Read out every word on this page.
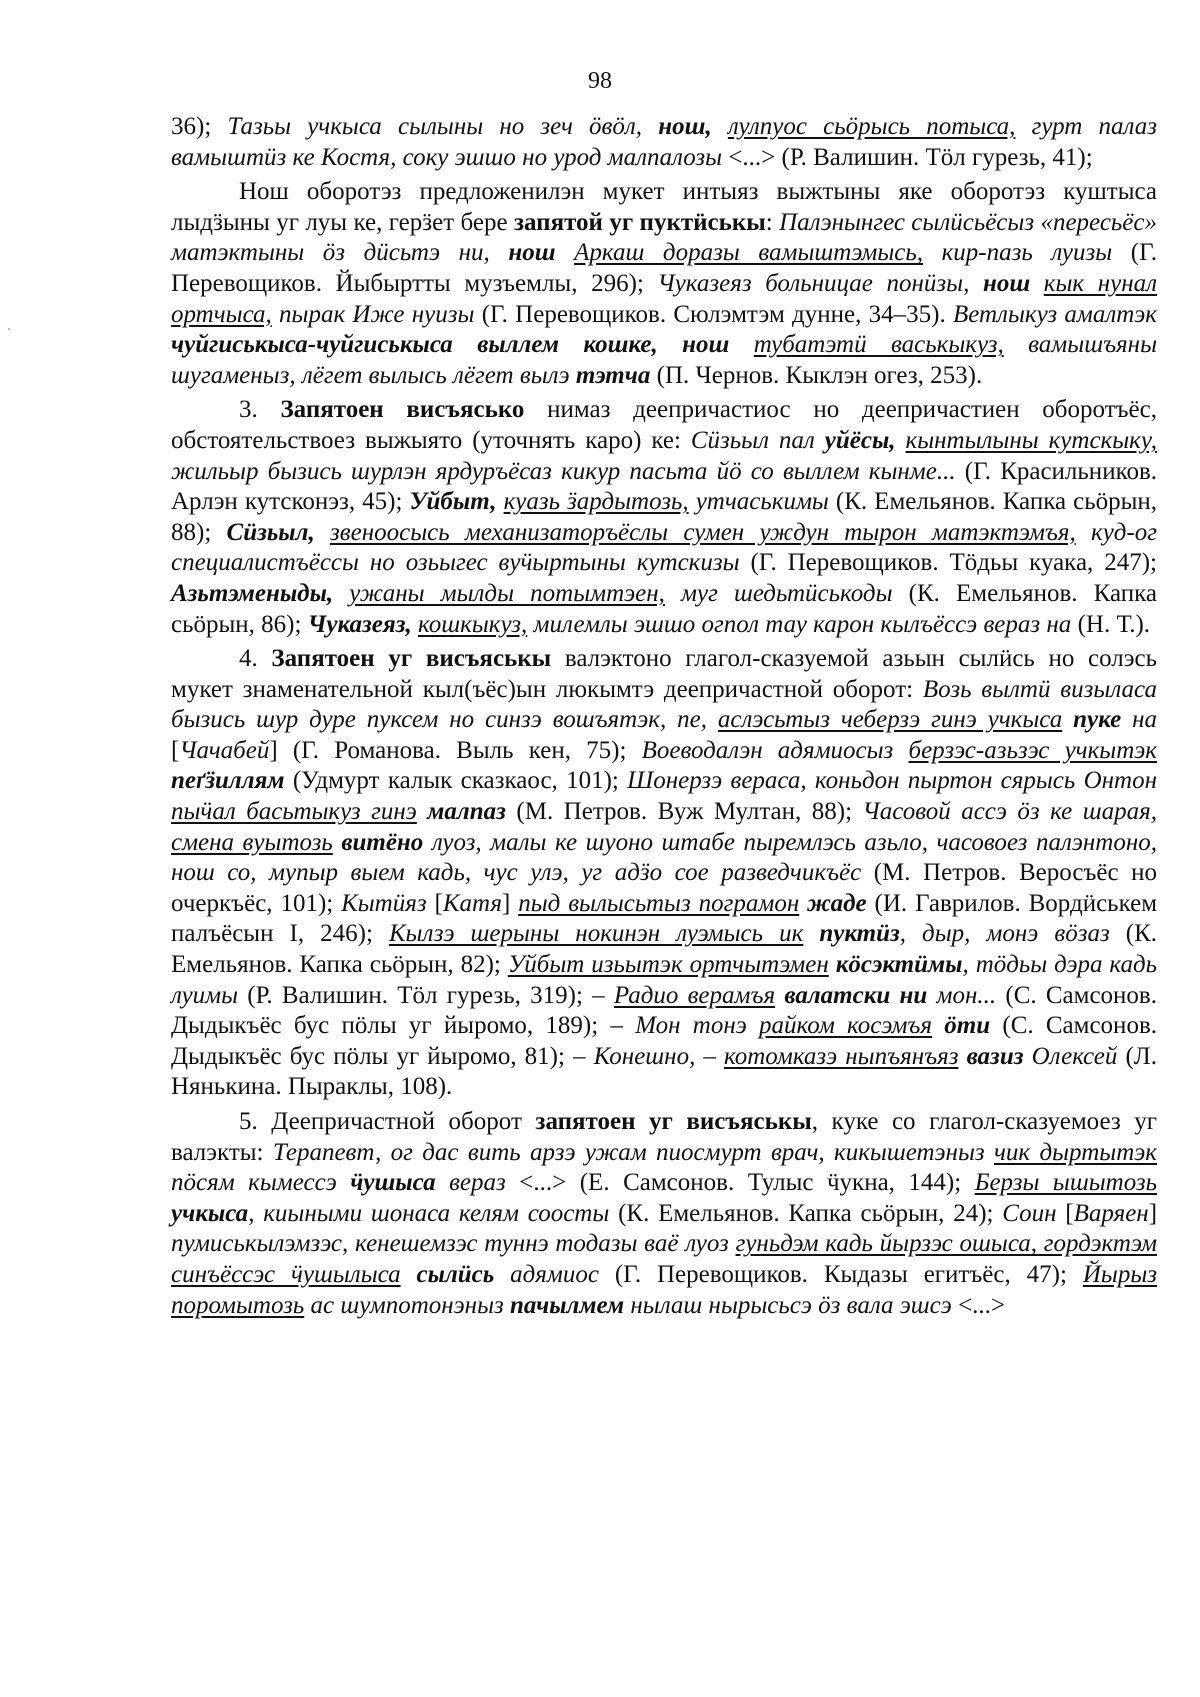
98

36); Тазьы учкыса сылыны но зеч ӧвӧл, нош, лулпуос сьӧрысь потыса, гурт палаз вамыштӥз ке Костя, соку эшшо но урод малпалозы <...> (Р. Валишин. Тӧл гурезь, 41);

Нош оборотэз предложенилэн мукет интыяз выжтыны яке оборотэз куштыса лыдӟыны уг луы ке, герӟет бере запятой уг пуктӥськы: Палэнынгес сылӥсьёсыз «пересьёс» матэктыны ӧз дӥсьтэ ни, нош Аркаш доразы вамыштэмысь, кир-пазь луизы (Г. Перевощиков. Йыбыртты музъемлы, 296); Чуказеяз больницае понӥзы, нош кык нунал ортчыса, пырак Иже нуизы (Г. Перевощиков. Сюлэмтэм дунне, 34–35). Ветлыкуз амалтэк чуйгиськыса-чуйгиськыса выллем кошке, нош тубатэтӥ васькыкуз, вамышъяны шугаменыз, лёгет вылысь лёгет вылэ тэтча (П. Чернов. Кыклэн огез, 253).

3. Запятоен висъясько нимаз деепричастиос но деепричастиен оборотъёс, обстоятельствоез выжыято (уточнять каро) ке: Сӥзьыл пал уйёсы, кынтылыны кутскыку, жильыр бызись шурлэн ярдуръёсаз кикур пасьта йӧ со выллем кынме... (Г. Красильников. Арлэн кутсконэз, 45); Уйбыт, куазь ӟардытозь, утчаськимы (К. Емельянов. Капка сьӧрын, 88); Сӥзьыл, звеноосысь механизаторъёслы сумен уждун тырон матэктэмъя, куд-ог специалистъёссы но озьыгес вуӵыртыны кутскизы (Г. Перевощиков. Тӧдьы куака, 247); Азьтэменыды, ужаны мылды потымтэен, муг шедьтӥськоды (К. Емельянов. Капка сьӧрын, 86); Чуказеяз, кошкыкуз, милемлы эшшо огпол тау карон кылъёссэ вераз на (Н. Т.).

4. Запятоен уг висъяськы валэктоно глагол-сказуемой азьын сылӥсь но солэсь мукет знаменательной кыл(ъёс)ын люкымтэ деепричастной оборот: Возь вылтӥ визыласа бызись шур дуре пуксем но синзэ вошъятэк, пе, аслэсьтыз чеберзэ гинэ учкыса пуке на [Чачабей] (Г. Романова. Выль кен, 75); Воеводалэн адямиосыз берзэс-азьзэс учкытэк пеґӟиллям (Удмурт калык сказкаос, 101); Шонерзэ вераса, коньдон пыртон сярысь Онтон пыӵал басьтыкуз гинэ малпаз (М. Петров. Вуж Мултан, 88); Часовой ассэ ӧз ке шарая, смена вуытозь витёно луоз, малы ке шуоно штабе пыремлэсь азьло, часовоез палэнтоно, нош со, мупыр выем кадь, чус улэ, уг адӟо сое разведчикъёс (М. Петров. Веросъёс но очеркъёс, 101); Кытӥяз [Катя] пыд вылысьтыз пограмон жаде (И. Гаврилов. Вордӥськем палъёсын I, 246); Кылзэ шерыны нокинэн луэмысь ик пуктӥз, дыр, монэ вӧзаз (К. Емельянов. Капка сьӧрын, 82); Уйбыт изьытэк ортчытэмен кӧсэктӥмы, тӧдьы дэра кадь луимы (Р. Валишин. Тӧл гурезь, 319); – Радио верамъя валатски ни мон... (С. Самсонов. Дыдыкъёс бус пӧлы уг йыромо, 189); – Мон тонэ райком косэмъя ӧти (С. Самсонов. Дыдыкъёс бус пӧлы уг йыромо, 81); – Конешно, – котомказэ ныпъянъяз вазиз Олексей (Л. Нянькина. Пыраклы, 108).

5. Деепричастной оборот запятоен уг висъяськы, куке со глагол-сказуемоез уг валэкты: Терапевт, ог дас вить арзэ ужам пиосмурт врач, кикышетэныз чик дыртытэк пӧсям кымессэ ӵушыса вераз <...> (Е. Самсонов. Тулыс ӵукна, 144); Берзы ышытозь учкыса, киыными шонаса келям сооcты (К. Емельянов. Капка сьӧрын, 24); Соин [Варяен] пумиськылэмзэс, кенешемзэс туннэ тодазы ваё луоз гуньдэм кадь йырзэс ошыса, гордэктэм синъёссэс ӵушылыса сылӥсь адямиос (Г. Перевощиков. Кыдазы егитъёс, 47); Йырыз поромытозь ас шумпотонэныз пачылмем нылаш нырысьсэ ӧз вала эшсэ <...>
